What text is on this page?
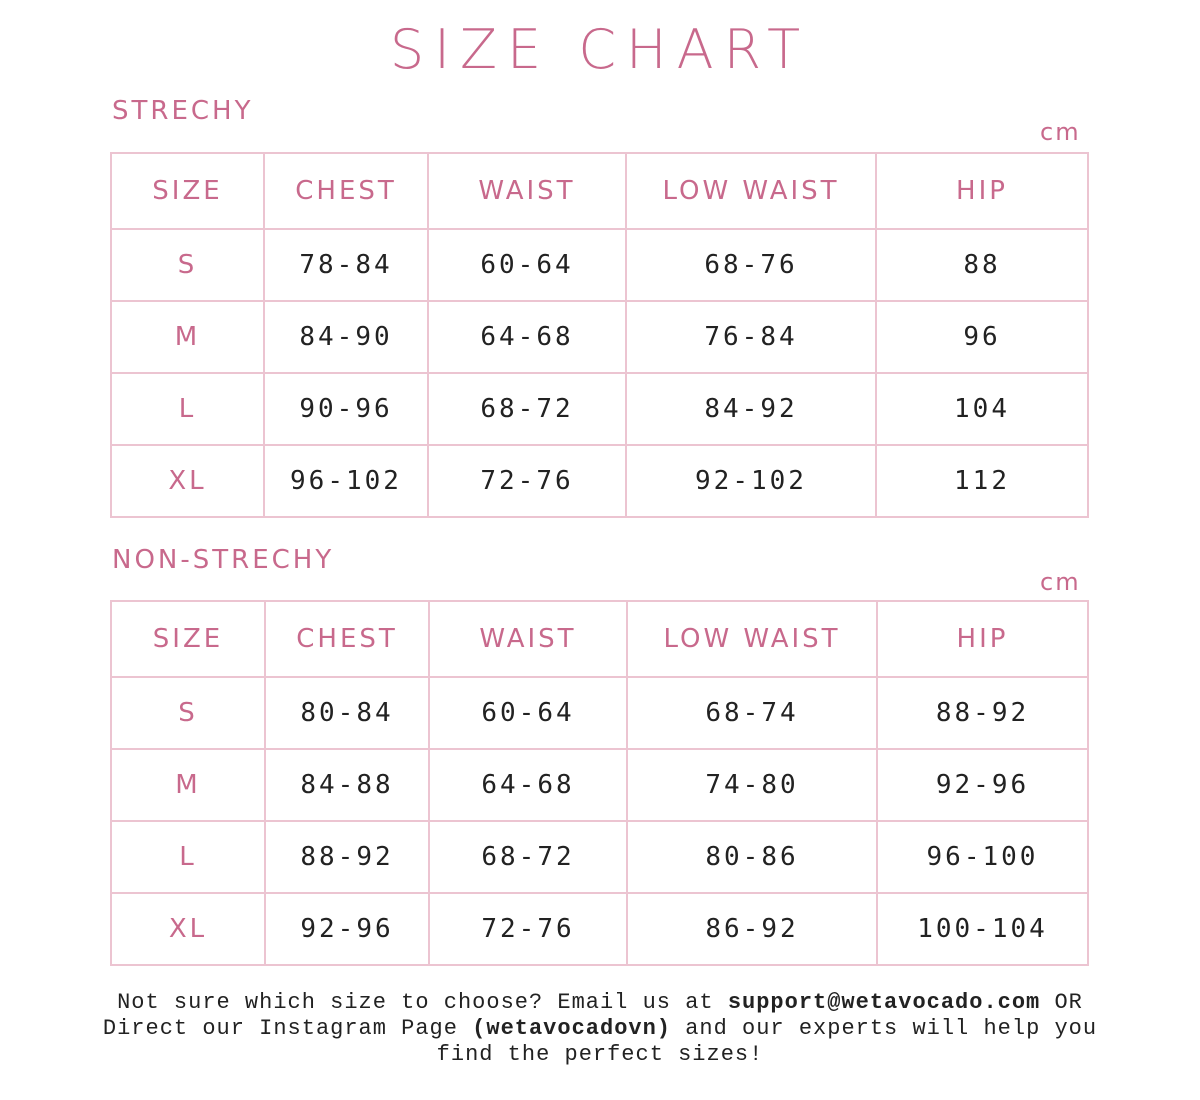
SIZE CHART
STRECHY
cm
SIZE	CHEST	WAIST	LOW WAIST	HIP
S	78-84	60-64	68-76	88
M	84-90	64-68	76-84	96
L	90-96	68-72	84-92	104
XL	96-102	72-76	92-102	112
NON-STRECHY
cm
SIZE	CHEST	WAIST	LOW WAIST	HIP
S	80-84	60-64	68-74	88-92
M	84-88	64-68	74-80	92-96
L	88-92	68-72	80-86	96-100
XL	92-96	72-76	86-92	100-104
Not sure which size to choose? Email us at support@wetavocado.com OR
Direct our Instagram Page (wetavocadovn) and our experts will help you
find the perfect sizes!
